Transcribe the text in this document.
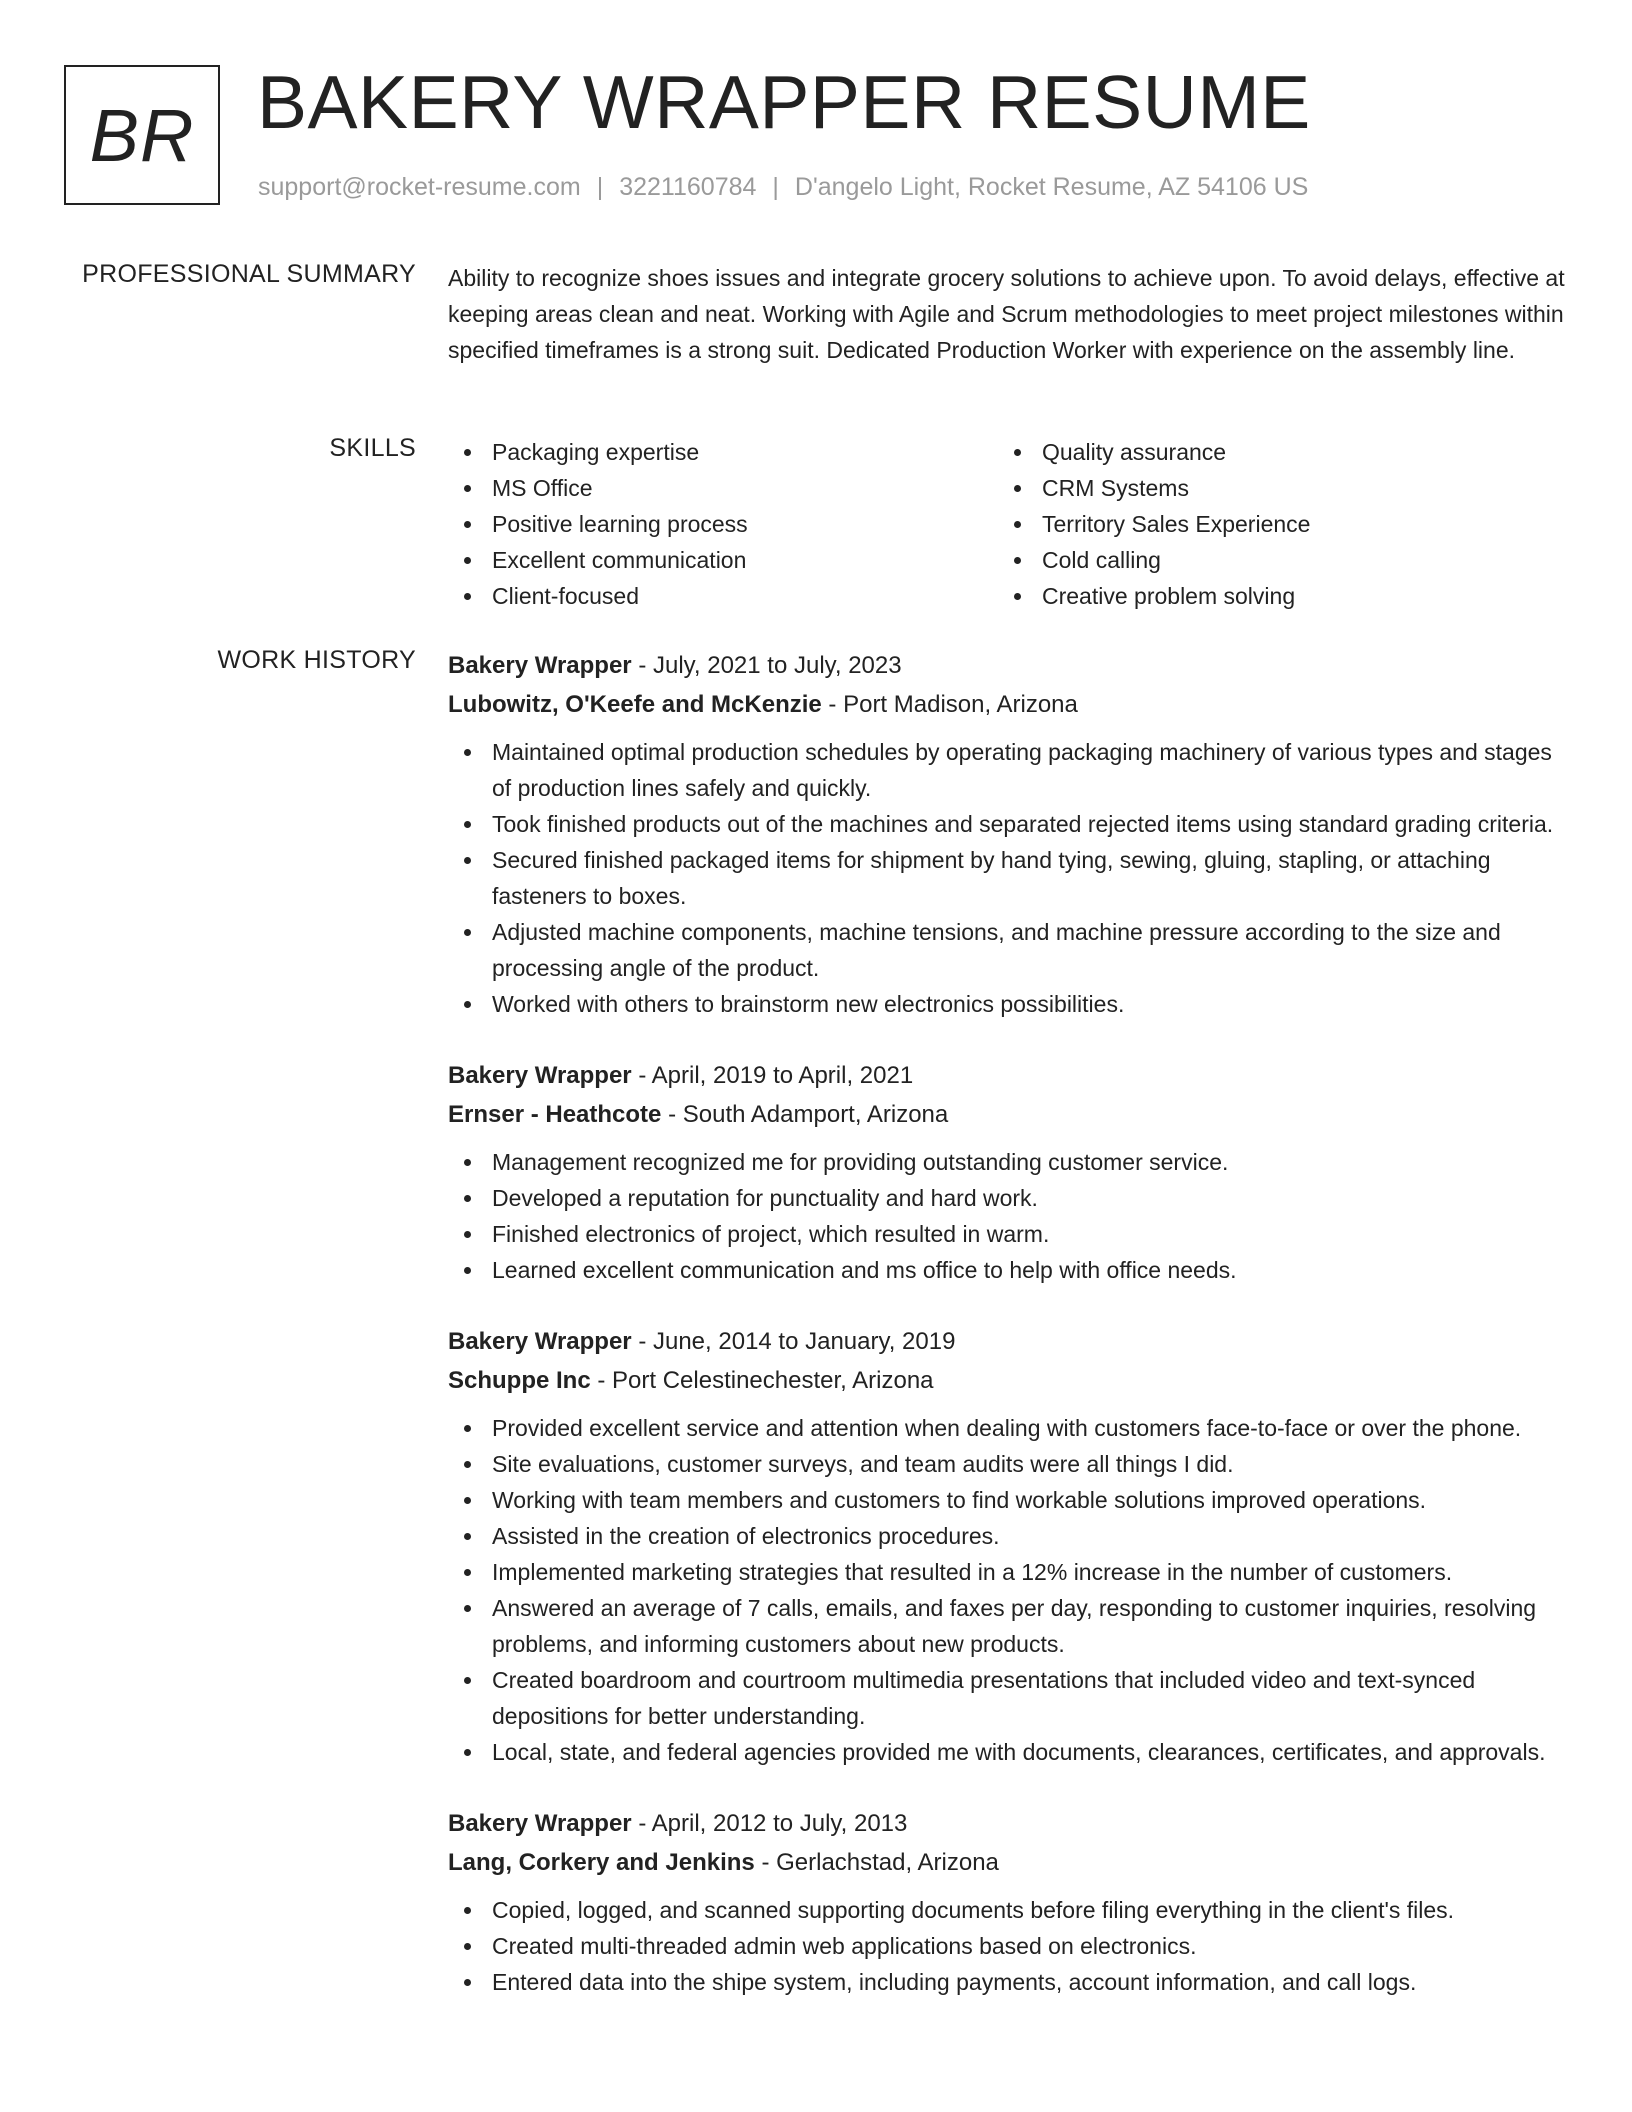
BR BAKERY WRAPPER RESUME

support@rocket-resume.com | 3221160784 | D'angelo Light, Rocket Resume, AZ 54106 US

PROFESSIONAL SUMMARY Ability to recognize shoes issues and integrate grocery solutions to achieve upon. To avoid delays, effective at keeping areas clean and neat. Working with Agile and Scrum methodologies to meet project milestones within specified timeframes is a strong suit. Dedicated Production Worker with experience on the assembly line.

SKILLS	Packaging expertise
MS Office
Positive learning process
Excellent communication
Client-focused
Quality assurance
CRM Systems
Territory Sales Experience
Cold calling
Creative problem solving
WORK HISTORY Bakery Wrapper - July, 2021 to July, 2023
Lubowitz, O'Keefe and McKenzie - Port Madison, Arizona
Maintained optimal production schedules by operating packaging machinery of various types and stages of production lines safely and quickly.
Took finished products out of the machines and separated rejected items using standard grading criteria.
Secured finished packaged items for shipment by hand tying, sewing, gluing, stapling, or attaching fasteners to boxes.
Adjusted machine components, machine tensions, and machine pressure according to the size and processing angle of the product.
Worked with others to brainstorm new electronics possibilities.
Bakery Wrapper - April, 2019 to April, 2021
Ernser - Heathcote - South Adamport, Arizona
Management recognized me for providing outstanding customer service.
Developed a reputation for punctuality and hard work.
Finished electronics of project, which resulted in warm.
Learned excellent communication and ms office to help with office needs.
Bakery Wrapper - June, 2014 to January, 2019
Schuppe Inc - Port Celestinechester, Arizona
Provided excellent service and attention when dealing with customers face-to-face or over the phone.
Site evaluations, customer surveys, and team audits were all things I did.
Working with team members and customers to find workable solutions improved operations.
Assisted in the creation of electronics procedures.
Implemented marketing strategies that resulted in a 12% increase in the number of customers.
Answered an average of 7 calls, emails, and faxes per day, responding to customer inquiries, resolving problems, and informing customers about new products.
Created boardroom and courtroom multimedia presentations that included video and text-synced depositions for better understanding.
Local, state, and federal agencies provided me with documents, clearances, certificates, and approvals.
Bakery Wrapper - April, 2012 to July, 2013
Lang, Corkery and Jenkins - Gerlachstad, Arizona
Copied, logged, and scanned supporting documents before filing everything in the client's files.
Created multi-threaded admin web applications based on electronics.
Entered data into the shipe system, including payments, account information, and call logs.
